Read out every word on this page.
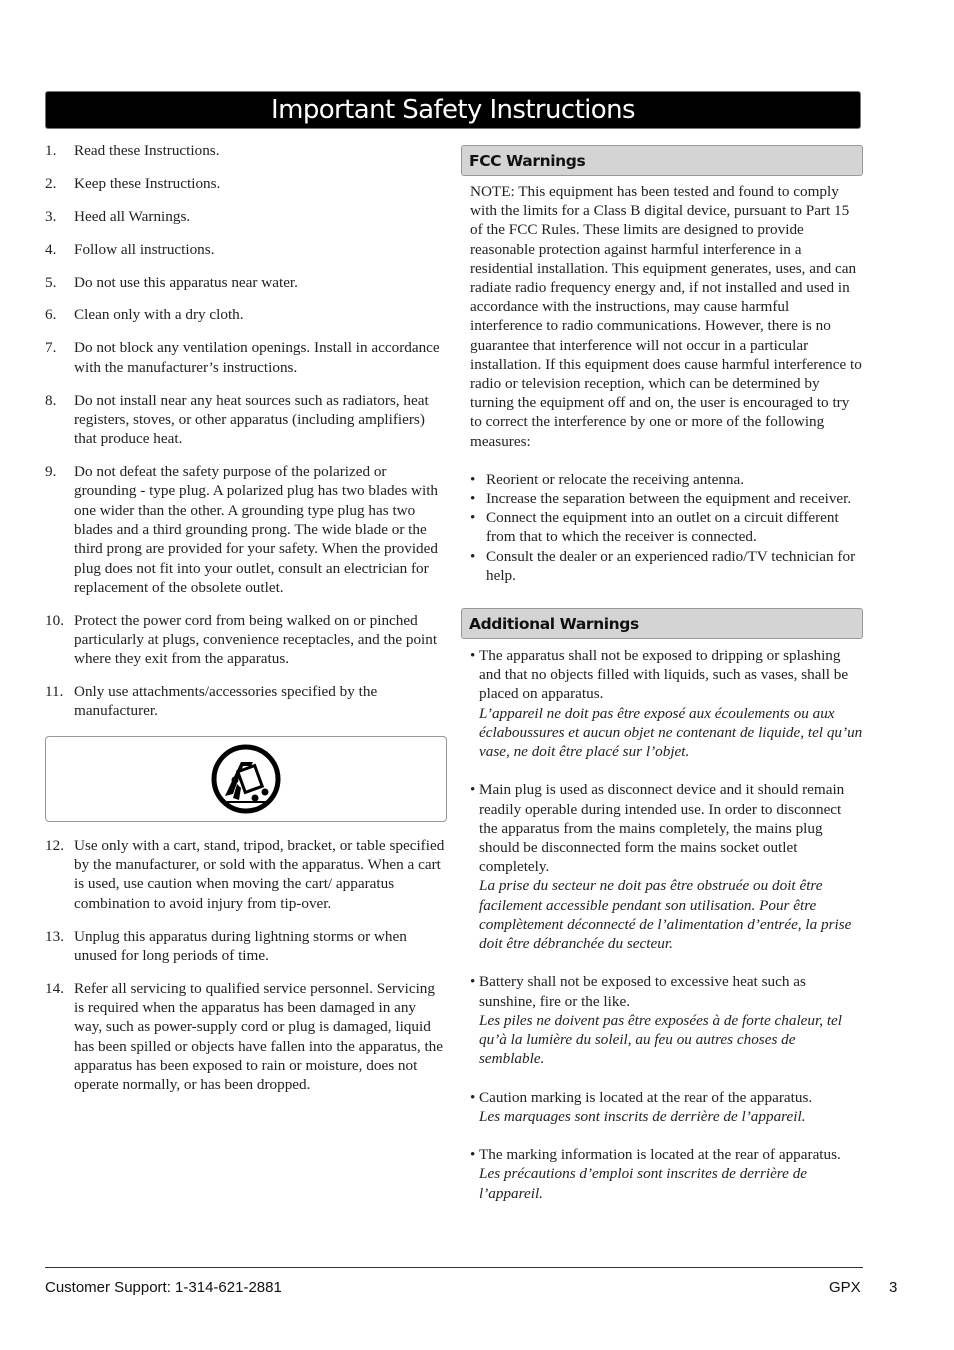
Important Safety Instructions
1. Read these Instructions.
2. Keep these Instructions.
3. Heed all Warnings.
4. Follow all instructions.
5. Do not use this apparatus near water.
6. Clean only with a dry cloth.
7. Do not block any ventilation openings. Install in accordance with the manufacturer’s instructions.
8. Do not install near any heat sources such as radiators, heat registers, stoves, or other apparatus (including amplifiers) that produce heat.
9. Do not defeat the safety purpose of the polarized or grounding - type plug. A polarized plug has two blades with one wider than the other. A grounding type plug has two blades and a third grounding prong. The wide blade or the third prong are provided for your safety. When the provided plug does not fit into your outlet, consult an electrician for replacement of the obsolete outlet.
10. Protect the power cord from being walked on or pinched particularly at plugs, convenience receptacles, and the point where they exit from the apparatus.
11. Only use attachments/accessories specified by the manufacturer.
12. Use only with a cart, stand, tripod, bracket, or table specified by the manufacturer, or sold with the apparatus. When a cart is used, use caution when moving the cart/ apparatus combination to avoid injury from tip-over.
13. Unplug this apparatus during lightning storms or when unused for long periods of time.
14. Refer all servicing to qualified service personnel. Servicing is required when the apparatus has been damaged in any way, such as power-supply cord or plug is damaged, liquid has been spilled or objects have fallen into the apparatus, the apparatus has been exposed to rain or moisture, does not operate normally, or has been dropped.
FCC Warnings

NOTE: This equipment has been tested and found to comply with the limits for a Class B digital device, pursuant to Part 15 of the FCC Rules. These limits are designed to provide reasonable protection against harmful interference in a residential installation. This equipment generates, uses, and can radiate radio frequency energy and, if not installed and used in accordance with the instructions, may cause harmful interference to radio communications. However, there is no guarantee that interference will not occur in a particular installation. If this equipment does cause harmful interference to radio or television reception, which can be determined by turning the equipment off and on, the user is encouraged to try to correct the interference by one or more of the following measures:

• Reorient or relocate the receiving antenna.
• Increase the separation between the equipment and receiver.
• Connect the equipment into an outlet on a circuit different from that to which the receiver is connected.
• Consult the dealer or an experienced radio/TV technician for help.
Additional Warnings
• The apparatus shall not be exposed to dripping or splashing and that no objects filled with liquids, such as vases, shall be placed on apparatus.
L’appareil ne doit pas être exposé aux écoulements ou aux éclaboussures et aucun objet ne contenant de liquide, tel qu’un vase, ne doit être placé sur l’objet.
• Main plug is used as disconnect device and it should remain readily operable during intended use. In order to disconnect the apparatus from the mains completely, the mains plug should be disconnected form the mains socket outlet completely.
La prise du secteur ne doit pas être obstruée ou doit être facilement accessible pendant son utilisation. Pour être complètement déconnecté de l’alimentation d’entrée, la prise doit être débranchée du secteur.
• Battery shall not be exposed to excessive heat such as sunshine, fire or the like.
Les piles ne doivent pas être exposées à de forte chaleur, tel qu’à la lumière du soleil, au feu ou autres choses de semblable.
• Caution marking is located at the rear of the apparatus.
Les marquages sont inscrits de derrière de l’appareil.
• The marking information is located at the rear of apparatus.
Les précautions d’emploi sont inscrites de derrière de l’appareil.
Customer Support: 1-314-621-2881	GPX 3
